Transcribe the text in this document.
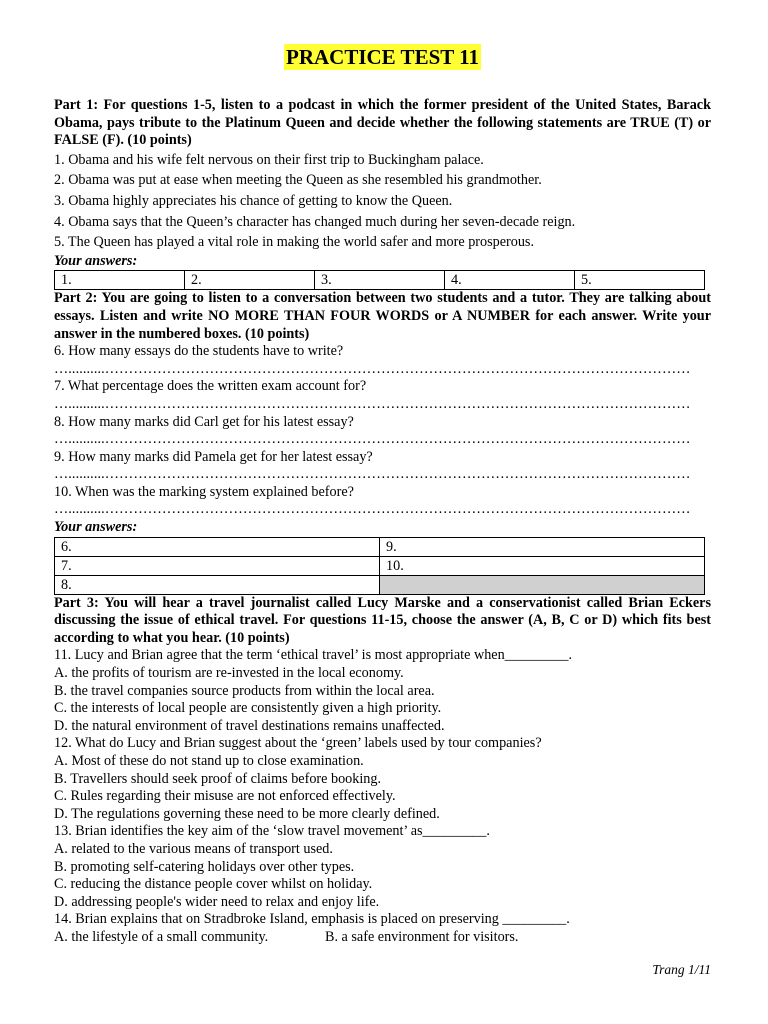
PRACTICE TEST 11
Part 1: For questions 1-5, listen to a podcast in which the former president of the United States, Barack Obama, pays tribute to the Platinum Queen and decide whether the following statements are TRUE (T) or FALSE (F). (10 points)
1. Obama and his wife felt nervous on their first trip to Buckingham palace.
2. Obama was put at ease when meeting the Queen as she resembled his grandmother.
3. Obama highly appreciates his chance of getting to know the Queen.
4. Obama says that the Queen’s character has changed much during her seven-decade reign.
5. The Queen has played a vital role in making the world safer and more prosperous.
Your answers:
1.	2.	3.	4.	5.
Part 2: You are going to listen to a conversation between two students and a tutor. They are talking about essays. Listen and write NO MORE THAN FOUR WORDS or A NUMBER for each answer. Write your answer in the numbered boxes. (10 points)
6. How many essays do the students have to write?
…..........……………………………………………………………………………………………………………
7. What percentage does the written exam account for?
…..........……………………………………………………………………………………………………………
8. How many marks did Carl get for his latest essay?
…..........……………………………………………………………………………………………………………
9. How many marks did Pamela get for her latest essay?
…..........……………………………………………………………………………………………………………
10. When was the marking system explained before?
…..........……………………………………………………………………………………………………………
Your answers:
6.	9.
7.	10.
8.	
Part 3: You will hear a travel journalist called Lucy Marske and a conservationist called Brian Eckers discussing the issue of ethical travel. For questions 11-15, choose the answer (A, B, C or D) which fits best according to what you hear. (10 points)
11. Lucy and Brian agree that the term ‘ethical travel’ is most appropriate when_________.
A. the profits of tourism are re-invested in the local economy.
B. the travel companies source products from within the local area.
C. the interests of local people are consistently given a high priority.
D. the natural environment of travel destinations remains unaffected.
12. What do Lucy and Brian suggest about the ‘green’ labels used by tour companies?
A. Most of these do not stand up to close examination.
B. Travellers should seek proof of claims before booking.
C. Rules regarding their misuse are not enforced effectively.
D. The regulations governing these need to be more clearly defined.
13. Brian identifies the key aim of the ‘slow travel movement’ as_________.
A. related to the various means of transport used.
B. promoting self-catering holidays over other types.
C. reducing the distance people cover whilst on holiday.
D. addressing people's wider need to relax and enjoy life.
14. Brian explains that on Stradbroke Island, emphasis is placed on preserving _________.
A. the lifestyle of a small community.	B. a safe environment for visitors.
Trang 1/11
